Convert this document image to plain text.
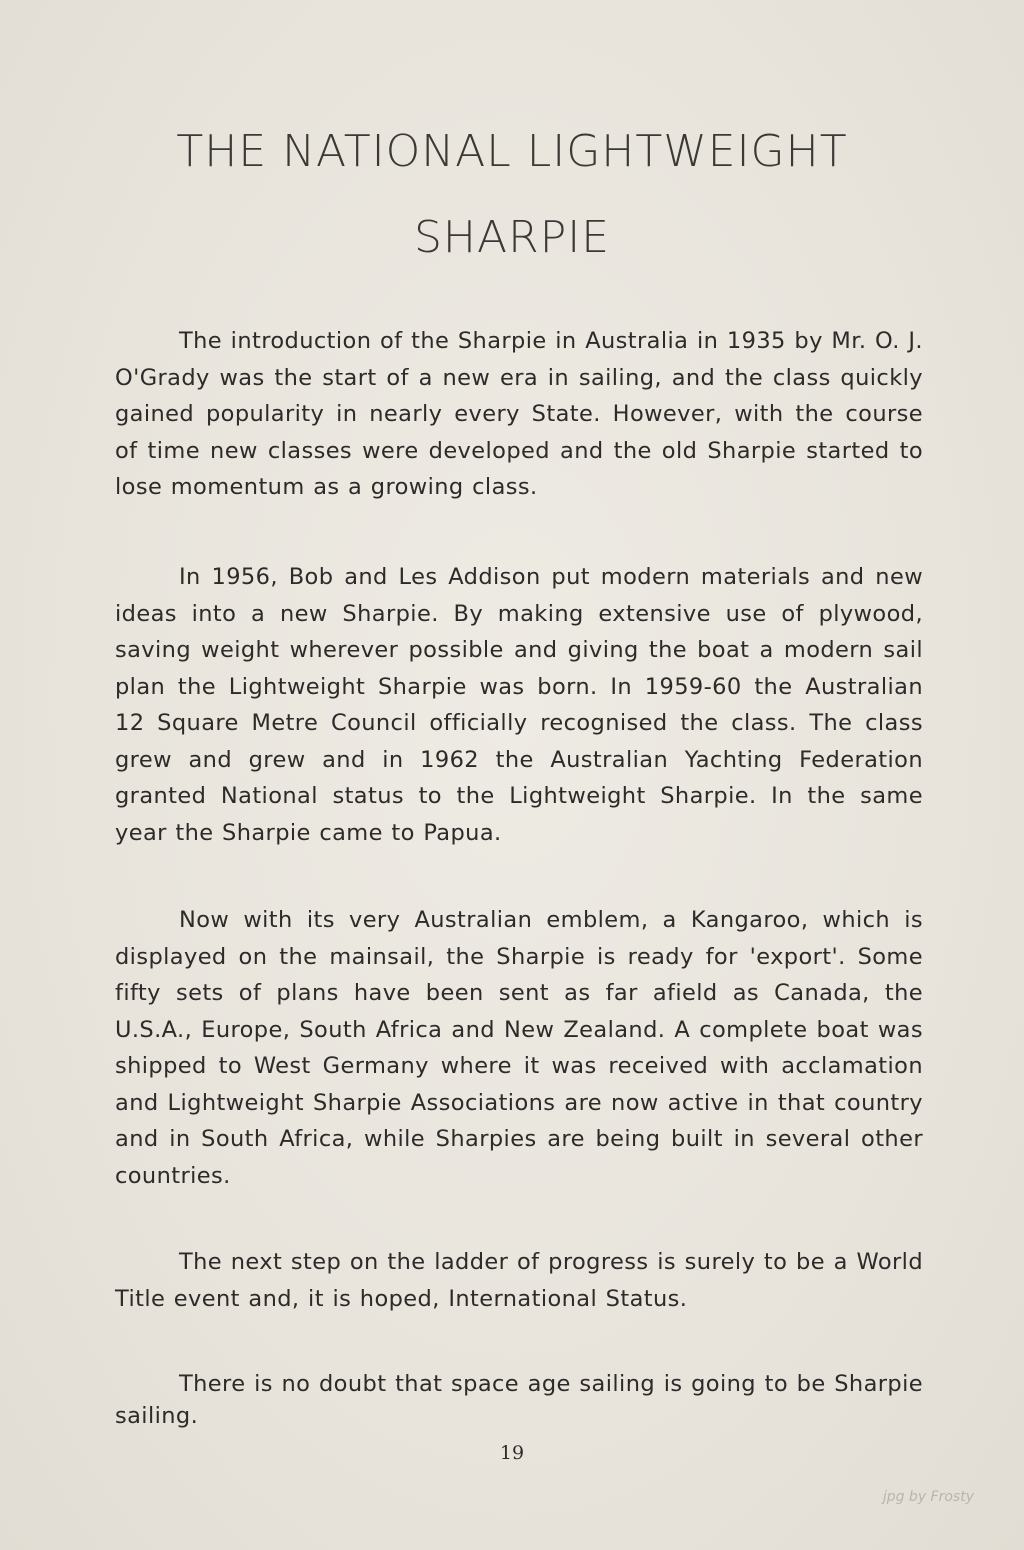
THE NATIONAL LIGHTWEIGHT
SHARPIE

The introduction of the Sharpie in Australia in 1935 by Mr. O. J. O'Grady was the start of a new era in sailing, and the class quickly gained popularity in nearly every State. However, with the course of time new classes were developed and the old Sharpie started to lose momentum as a growing class.

In 1956, Bob and Les Addison put modern materials and new ideas into a new Sharpie. By making extensive use of plywood, saving weight wherever possible and giving the boat a modern sail plan the Lightweight Sharpie was born. In 1959-60 the Australian 12 Square Metre Council officially recognised the class. The class grew and grew and in 1962 the Australian Yachting Federation granted National status to the Lightweight Sharpie. In the same year the Sharpie came to Papua.

Now with its very Australian emblem, a Kangaroo, which is displayed on the mainsail, the Sharpie is ready for 'export'. Some fifty sets of plans have been sent as far afield as Canada, the U.S.A., Europe, South Africa and New Zealand. A complete boat was shipped to West Germany where it was received with acclamation and Lightweight Sharpie Associations are now active in that country and in South Africa, while Sharpies are being built in several other countries.

The next step on the ladder of progress is surely to be a World Title event and, it is hoped, International Status.

There is no doubt that space age sailing is going to be Sharpie sailing.

19
jpg by Frosty
